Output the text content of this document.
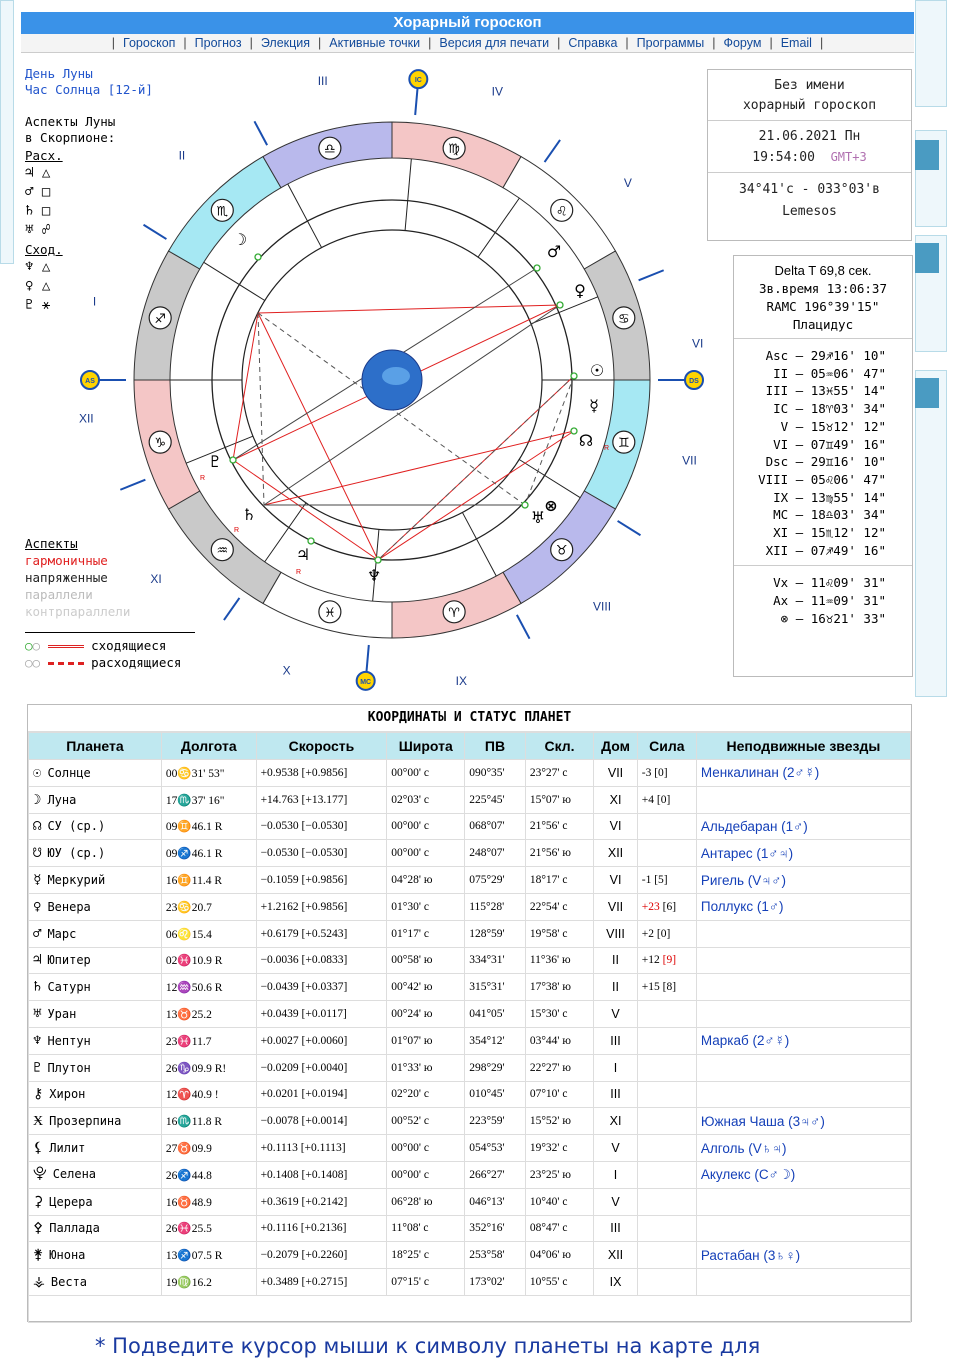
Хорарный гороскоп
| Гороскоп | Прогноз | Элекция | Активные точки | Версия для печати | Справка | Программы | Форум | Email |
День Луны
Час Солнца [12-й]
Аспекты Луны
в Скорпионе:
Расх.
♃ △
♂ □
♄ □
♅ ☍
Сход.
♆ △
♀ △
♇ ⚹
Без имени
хорарный гороскоп
21.06.2021 Пн
19:54:00 GMT+3
34°41'с - 033°03'в
Lemesos
Delta T 69,8 сек.
Зв.время 13:06:37
RAMC 196°39'15"
Плацидус
Asc – 29♐16' 10"
II – 05♒06' 47"
III – 13♓55' 14"
IC – 18♈03' 34"
V – 15♉12' 12"
VI – 07♊49' 16"
Dsc – 29♊16' 10"
VIII – 05♌06' 47"
IX – 13♍55' 14"
MC – 18♎03' 34"
XI – 15♏12' 12"
XII – 07♐49' 16"
Vx – 11♌09' 31"
Ax – 11♒09' 31"
⊗ – 16♉21' 33"
♐
♏
♎	♍
♌
♋
♊
♉
♈
♓
♒
♑
I
II
III
IV
V
VI
VII
VIII
IX
X
XI
XII
AS	DS
IC
MC
☽
♂
♀
☉
☿
☊
⊗
♅
♆
♃
♄
♇
R
R
R
R
Аспекты
гармоничные
напряженные
параллели
контрпараллели
○○	сходящиеся
○○	расходящиеся
КООРДИНАТЫ И СТАТУС ПЛАНЕТ
Планета	Долгота	Скорость	Широта	ПВ	Скл.	Дом	Сила	Неподвижные звезды
☉ Солнце	00♋31' 53"	+0.9538 [+0.9856]	00°00' с	090°35'	23°27' с	VII	-3 [0]	Менкалинан (2♂☿)
☽ Луна	17♏37' 16"	+14.763 [+13.177]	02°03' с	225°45'	15°07' ю	XI	+4 [0]	
☊ СУ (ср.)	09♊46.1 R	−0.0530 [−0.0530]	00°00' с	068°07'	21°56' с	VI		Альдебаран (1♂)
☋ ЮУ (ср.)	09♐46.1 R	−0.0530 [−0.0530]	00°00' с	248°07'	21°56' ю	XII		Антарес (1♂♃)
☿ Меркурий	16♊11.4 R	−0.1059 [+0.9856]	04°28' ю	075°29'	18°17' с	VI	-1 [5]	Ригель (V♃♂)
♀ Венера	23♋20.7	+1.2162 [+0.9856]	01°30' с	115°28'	22°54' с	VII	+23 [6]	Поллукс (1♂)
♂ Марс	06♌15.4	+0.6179 [+0.5243]	01°17' с	128°59'	19°58' с	VIII	+2 [0]	
♃ Юпитер	02♓10.9 R	−0.0036 [+0.0833]	00°58' ю	334°31'	11°36' ю	II	+12 [9]	
♄ Сатурн	12♒50.6 R	−0.0439 [+0.0337]	00°42' ю	315°31'	17°38' ю	II	+15 [8]	
♅ Уран	13♉25.2	+0.0439 [+0.0117]	00°24' ю	041°05'	15°30' с	V		
♆ Нептун	23♓11.7	+0.0027 [+0.0060]	01°07' ю	354°12'	03°44' ю	III		Маркаб (2♂☿)
♇ Плутон	26♑09.9 R!	−0.0209 [+0.0040]	01°33' ю	298°29'	22°27' ю	I		
⚷ Хирон	12♈40.9 !	+0.0201 [+0.0194]	02°20' с	010°45'	07°10' с	III		
Ӿ Прозерпина	16♏11.8 R	−0.0078 [+0.0014]	00°52' с	223°59'	15°52' ю	XI		Южная Чаша (3♃♂)
⚸ Лилит	27♉09.9	+0.1113 [+0.1113]	00°00' с	054°53'	19°32' с	V		Алголь (V♄♃)
⯓ Селена	26♐44.8	+0.1408 [+0.1408]	00°00' с	266°27'	23°25' ю	I		Акулекс (С♂☽)
⚳ Церера	16♉48.9	+0.3619 [+0.2142]	06°28' ю	046°13'	10°40' с	V		
⚴ Паллада	26♓25.5	+0.1116 [+0.2136]	11°08' с	352°16'	08°47' с	III		
⚵ Юнона	13♐07.5 R	−0.2079 [+0.2260]	18°25' с	253°58'	04°06' ю	XII		Растабан (3♄♀)
⚶ Веста	19♍16.2	+0.3489 [+0.2715]	07°15' с	173°02'	10°55' с	IX		

* Подведите курсор мыши к символу планеты на карте для
